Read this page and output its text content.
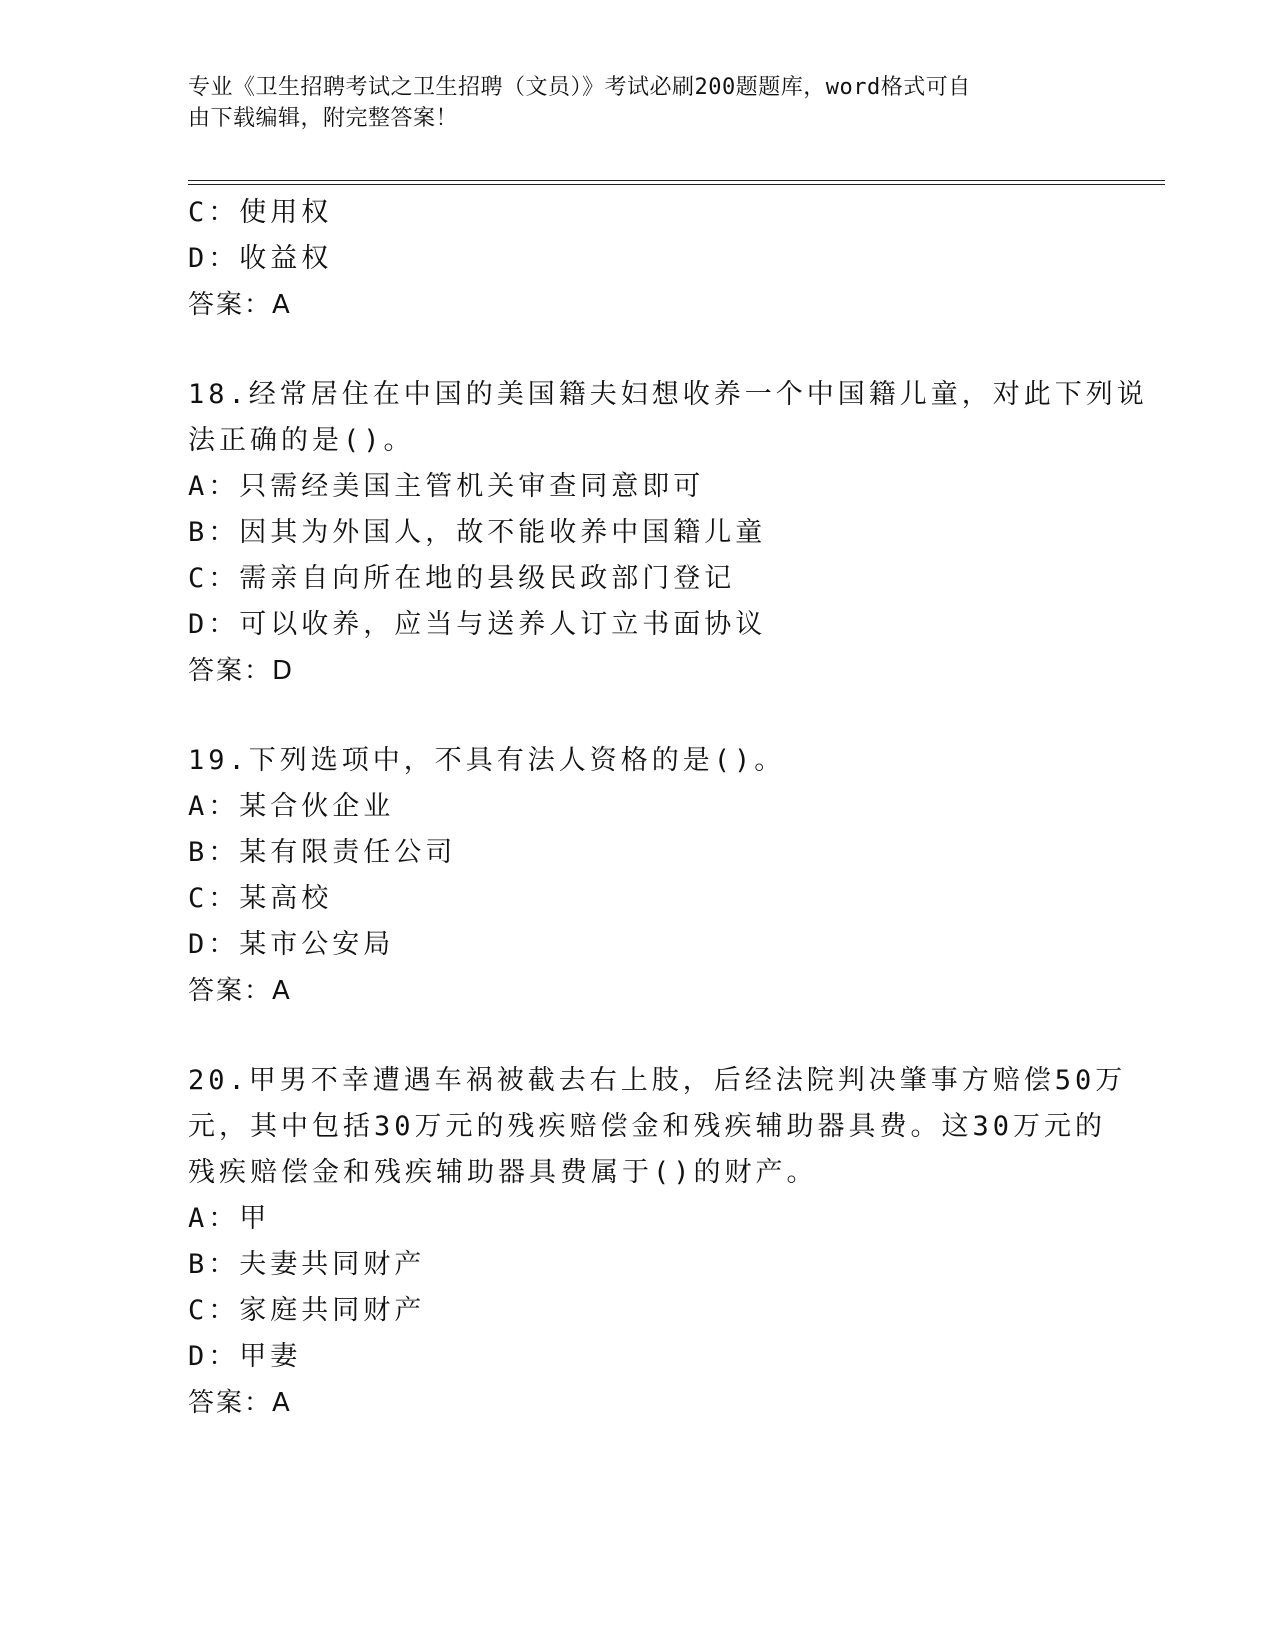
专业《卫生招聘考试之卫生招聘（文员）》考试必刷200题题库，word格式可自
由下载编辑，附完整答案！
C：使用权
D：收益权
答案：A
18.经常居住在中国的美国籍夫妇想收养一个中国籍儿童，对此下列说
法正确的是()。
A：只需经美国主管机关审查同意即可
B：因其为外国人，故不能收养中国籍儿童
C：需亲自向所在地的县级民政部门登记
D：可以收养，应当与送养人订立书面协议
答案：D
19.下列选项中，不具有法人资格的是()。
A：某合伙企业
B：某有限责任公司
C：某高校
D：某市公安局
答案：A
20.甲男不幸遭遇车祸被截去右上肢，后经法院判决肇事方赔偿50万
元，其中包括30万元的残疾赔偿金和残疾辅助器具费。这30万元的
残疾赔偿金和残疾辅助器具费属于()的财产。
A：甲
B：夫妻共同财产
C：家庭共同财产
D：甲妻
答案：A
